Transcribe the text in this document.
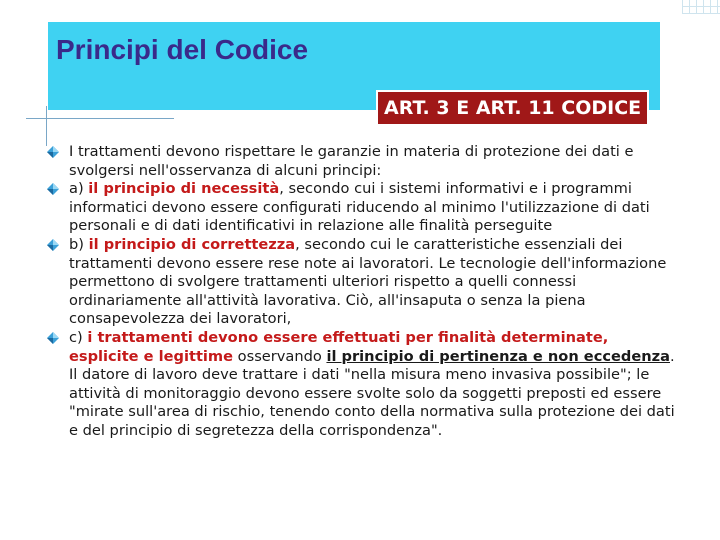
Principi del Codice
ART. 3 E ART. 11 CODICE
I trattamenti devono rispettare le garanzie in materia di protezione dei dati e svolgersi nell'osservanza di alcuni principi:
a) il principio di necessità, secondo cui i sistemi informativi e i programmi informatici devono essere configurati riducendo al minimo l'utilizzazione di dati personali e di dati identificativi in relazione alle finalità perseguite
b) il principio di correttezza, secondo cui le caratteristiche essenziali dei trattamenti devono essere rese note ai lavoratori. Le tecnologie dell'informazione permettono di svolgere trattamenti ulteriori rispetto a quelli connessi ordinariamente all'attività lavorativa. Ciò, all'insaputa o senza la piena consapevolezza dei lavoratori,
c) i trattamenti devono essere effettuati per finalità determinate, esplicite e legittime osservando il principio di pertinenza e non eccedenza. Il datore di lavoro deve trattare i dati "nella misura meno invasiva possibile"; le attività di monitoraggio devono essere svolte solo da soggetti preposti ed essere "mirate sull'area di rischio, tenendo conto della normativa sulla protezione dei dati e del principio di segretezza della corrispondenza".
